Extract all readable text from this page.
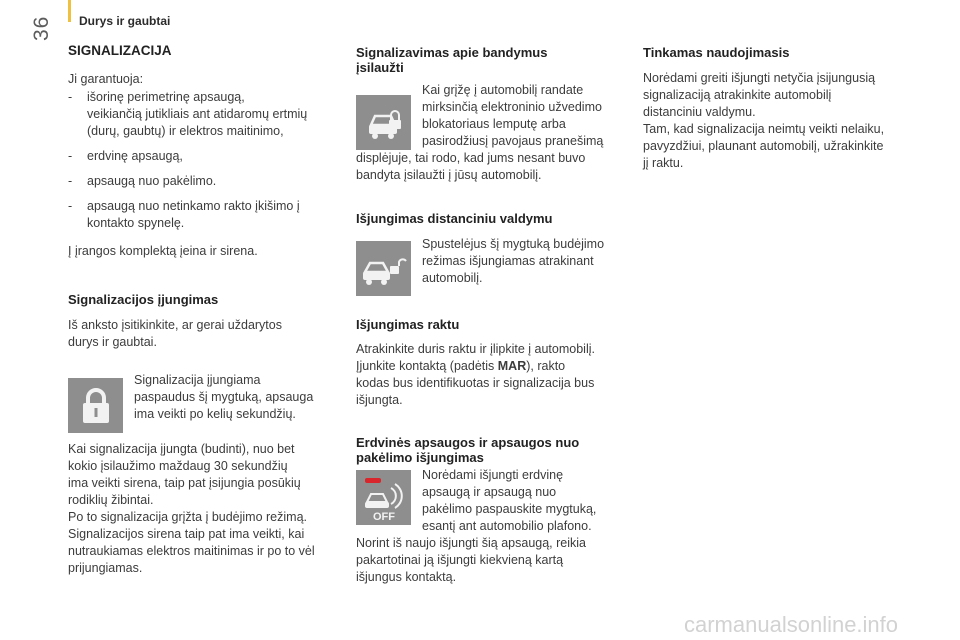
36 Durys ir gaubtai
SIGNALIZACIJA

Ji garantuoja:

- išorinę perimetrinę apsaugą,
veikiančią jutikliais ant atidaromų ertmių
(durų, gaubtų) ir elektros maitinimo,
- erdvinę apsaugą,
- apsaugą nuo pakėlimo.
- apsaugą nuo netinkamo rakto įkišimo į
kontakto spynelę.

Į įrangos komplektą įeina ir sirena.

Signalizacijos įjungimas

Iš anksto įsitikinkite, ar gerai uždarytos

durys ir gaubtai.

Signalizacija įjungiama

paspaudus šį mygtuką, apsauga

ima veikti po kelių sekundžių.

Kai signalizacija įjungta (budinti), nuo bet

kokio įsilaužimo maždaug 30 sekundžių

ima veikti sirena, taip pat įsijungia posūkių

rodiklių žibintai.

Po to signalizacija grįžta į budėjimo režimą.

Signalizacijos sirena taip pat ima veikti, kai

nutraukiamas elektros maitinimas ir po to vėl

prijungiamas.

Signalizavimas apie bandymus
įsilaužti

Kai grįžę į automobilį randate

mirksinčią elektroninio užvedimo

blokatoriaus lemputę arba

pasirodžiusį pavojaus pranešimą

displėjuje, tai rodo, kad jums nesant buvo

bandyta įsilaužti į jūsų automobilį.

Išjungimas distanciniu valdymu

Spustelėjus šį mygtuką budėjimo

režimas išjungiamas atrakinant

automobilį.

Išjungimas raktu

Atrakinkite duris raktu ir įlipkite į automobilį.

Įjunkite kontaktą (padėtis MAR), rakto

kodas bus identifikuotas ir signalizacija bus

išjungta.

Erdvinės apsaugos ir apsaugos nuo
pakėlimo išjungimas
OFF

Norėdami išjungti erdvinę

apsaugą ir apsaugą nuo

pakėlimo paspauskite mygtuką,

esantį ant automobilio plafono.

Norint iš naujo išjungti šią apsaugą, reikia

pakartotinai ją išjungti kiekvieną kartą

išjungus kontaktą.

Tinkamas naudojimasis

Norėdami greiti išjungti netyčia įsijungusią

signalizaciją atrakinkite automobilį

distanciniu valdymu.

Tam, kad signalizacija neimtų veikti nelaiku,

pavyzdžiui, plaunant automobilį, užrakinkite

jį raktu.

carmanualsonline.info
